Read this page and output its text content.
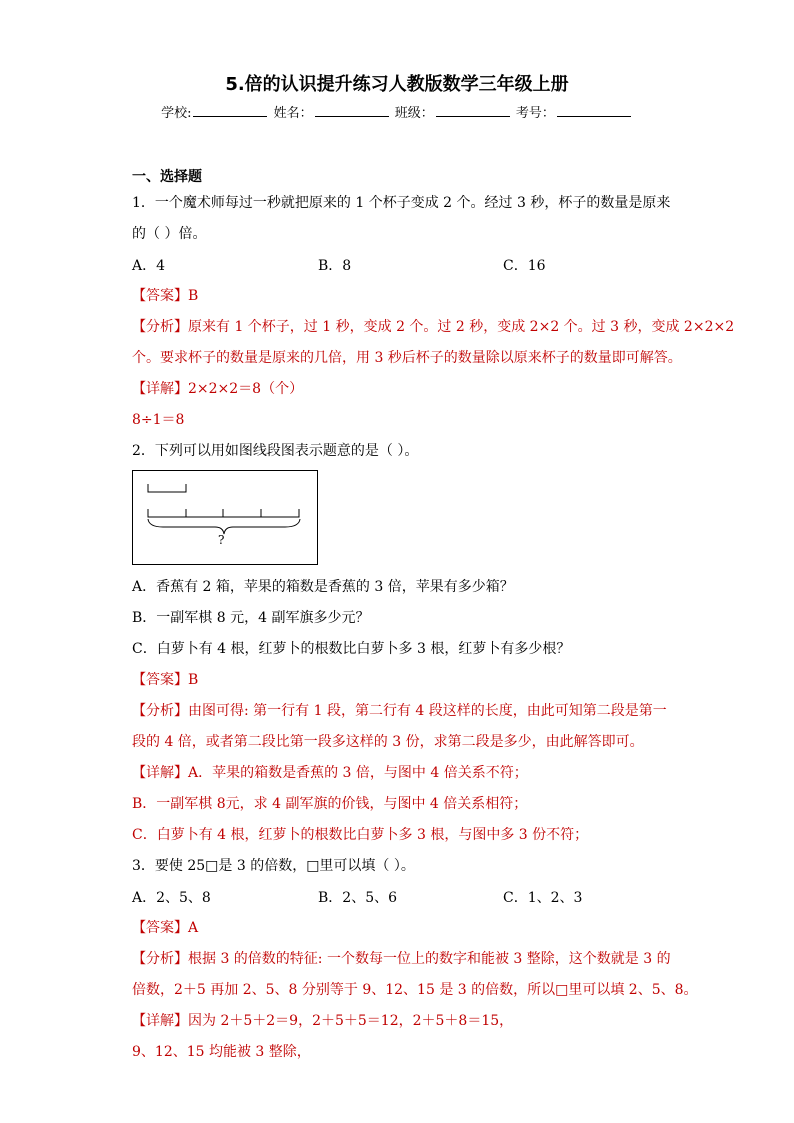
5.倍的认识提升练习人教版数学三年级上册
学校:	姓名：	班级：	考号：
一、选择题
1．一个魔术师每过一秒就把原来的 1 个杯子变成 2 个。经过 3 秒，杯子的数量是原来
的（ ）倍。
A．4	B．8	C．16
【答案】B
【分析】原来有 1 个杯子，过 1 秒，变成 2 个。过 2 秒，变成 2×2 个。过 3 秒，变成 2×2×2
个。要求杯子的数量是原来的几倍，用 3 秒后杯子的数量除以原来杯子的数量即可解答。
【详解】2×2×2＝8（个）
8÷1＝8
2．下列可以用如图线段图表示题意的是（ ）。
?
A．香蕉有 2 箱，苹果的箱数是香蕉的 3 倍，苹果有多少箱？
B．一副军棋 8 元，4 副军旗多少元？
C．白萝卜有 4 根，红萝卜的根数比白萝卜多 3 根，红萝卜有多少根？
【答案】B
【分析】由图可得: 第一行有 1 段，第二行有 4 段这样的长度，由此可知第二段是第一
段的 4 倍，或者第二段比第一段多这样的 3 份，求第二段是多少，由此解答即可。
【详解】A．苹果的箱数是香蕉的 3 倍，与图中 4 倍关系不符；
B．一副军棋 8元，求 4 副军旗的价钱，与图中 4 倍关系相符；
C．白萝卜有 4 根，红萝卜的根数比白萝卜多 3 根，与图中多 3 份不符；
3．要使 25□是 3 的倍数，□里可以填（ ）。
A．2、5、8	B．2、5、6	C．1、2、3
【答案】A
【分析】根据 3 的倍数的特征: 一个数每一位上的数字和能被 3 整除，这个数就是 3 的
倍数，2＋5 再加 2、5、8 分别等于 9、12、15 是 3 的倍数，所以□里可以填 2、5、8。
【详解】因为 2＋5＋2＝9，2＋5＋5＝12，2＋5＋8＝15，
9、12、15 均能被 3 整除，
